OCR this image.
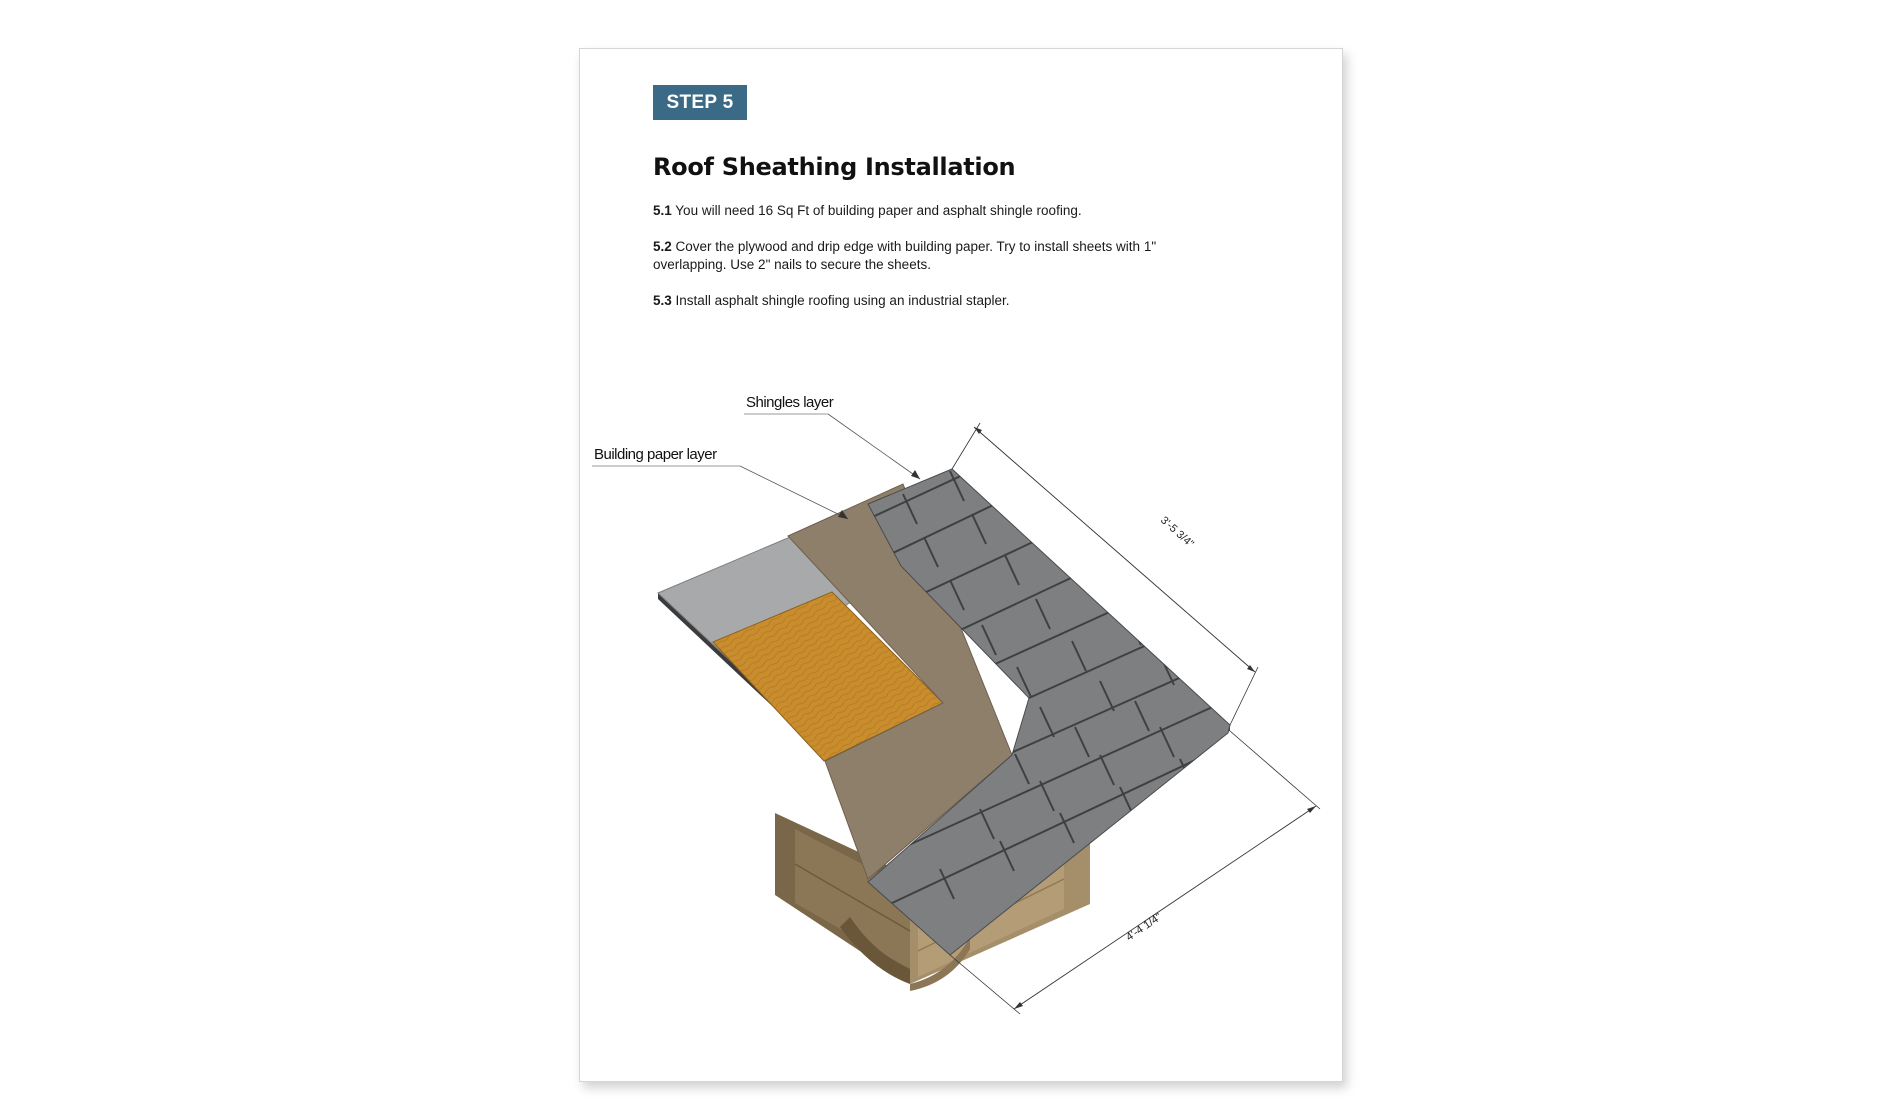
STEP 5
Roof Sheathing Installation

5.1 You will need 16 Sq Ft of building paper and asphalt shingle roofing.

5.2 Cover the plywood and drip edge with building paper. Try to install sheets with 1" overlapping. Use 2" nails to secure the sheets.

5.3 Install asphalt shingle roofing using an industrial stapler.

Shingles layer
Building paper layer
3'-5 3/4"
4'-4 1/4"
